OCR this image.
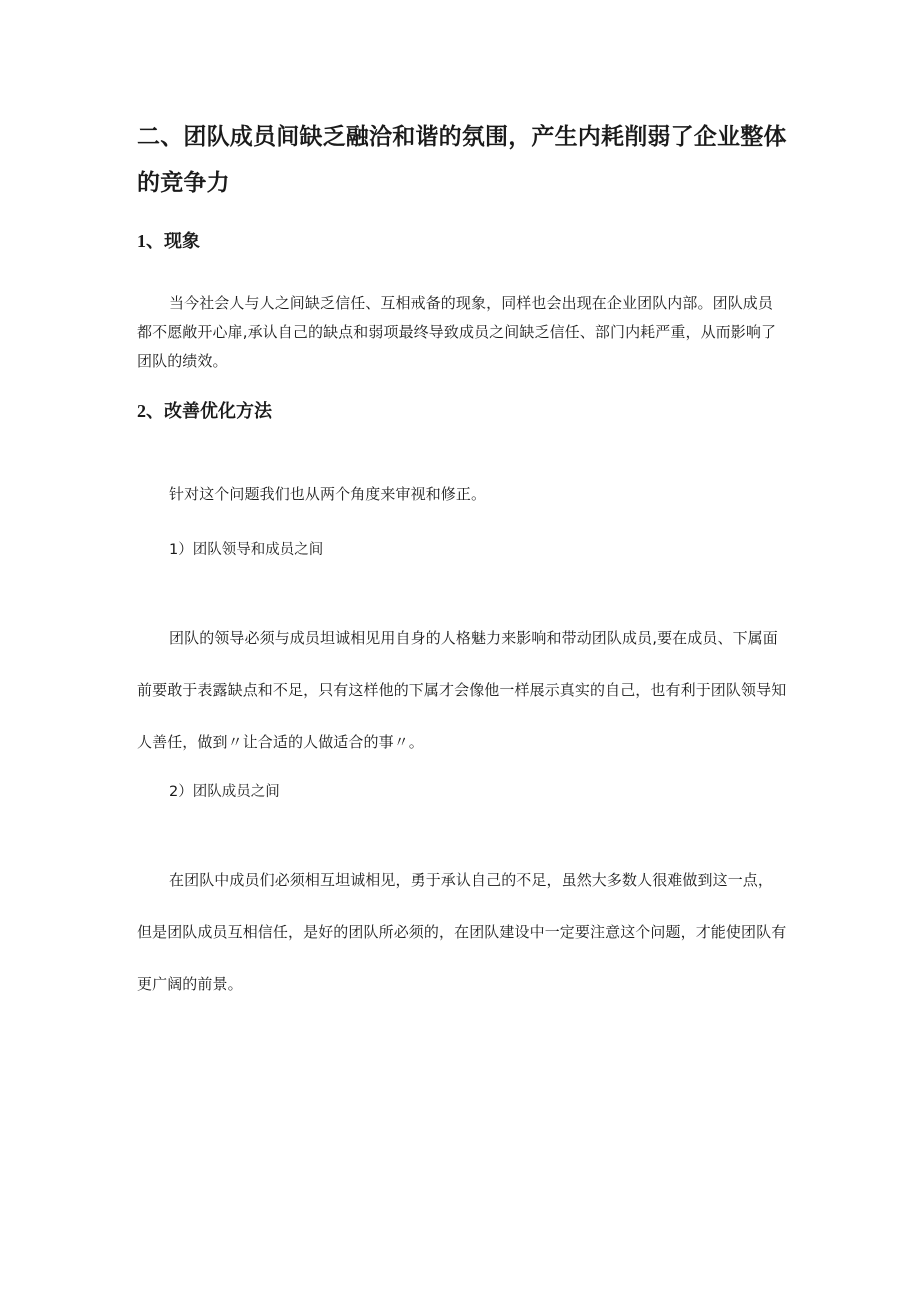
二、团队成员间缺乏融洽和谐的氛围，产生内耗削弱了企业整体的竞争力
1、现象

当今社会人与人之间缺乏信任、互相戒备的现象，同样也会出现在企业团队内部。团队成员都不愿敞开心扉,承认自己的缺点和弱项最终导致成员之间缺乏信任、部门内耗严重，从而影响了团队的绩效。

2、改善优化方法

针对这个问题我们也从两个角度来审视和修正。

1）团队领导和成员之间

团队的领导必须与成员坦诚相见用自身的人格魅力来影响和带动团队成员,要在成员、下属面前要敢于表露缺点和不足，只有这样他的下属才会像他一样展示真实的自己，也有利于团队领导知人善任，做到〃让合适的人做适合的事〃。

2）团队成员之间

在团队中成员们必须相互坦诚相见，勇于承认自己的不足，虽然大多数人很难做到这一点，但是团队成员互相信任，是好的团队所必须的，在团队建设中一定要注意这个问题，才能使团队有更广阔的前景。
